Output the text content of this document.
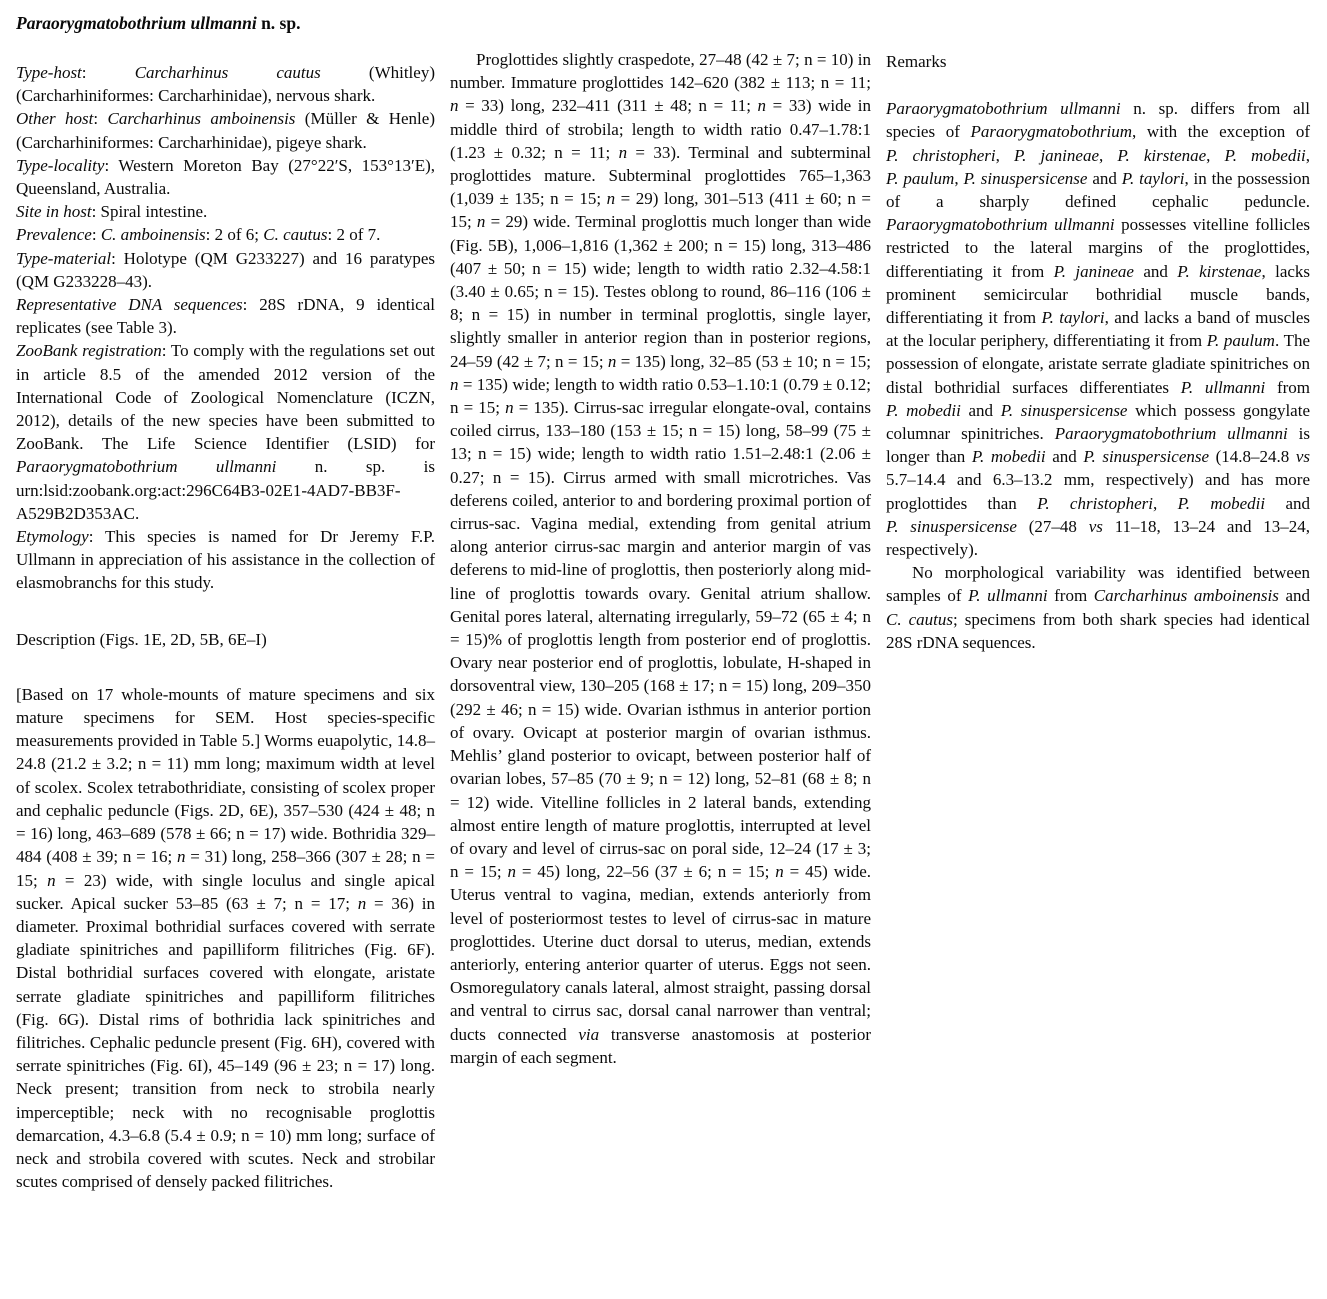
Paraorygmatobothrium ullmanni n. sp.

Type-host: Carcharhinus cautus (Whitley) (Carcharhiniformes: Carcharhinidae), nervous shark.

Other host: Carcharhinus amboinensis (Müller & Henle) (Carcharhiniformes: Carcharhinidae), pigeye shark.

Type-locality: Western Moreton Bay (27°22′S, 153°13′E), Queensland, Australia.

Site in host: Spiral intestine.

Prevalence: C. amboinensis: 2 of 6; C. cautus: 2 of 7.

Type-material: Holotype (QM G233227) and 16 paratypes (QM G233228–43).

Representative DNA sequences: 28S rDNA, 9 identical replicates (see Table 3).

ZooBank registration: To comply with the regulations set out in article 8.5 of the amended 2012 version of the International Code of Zoological Nomenclature (ICZN, 2012), details of the new species have been submitted to ZooBank. The Life Science Identifier (LSID) for Paraorygmatobothrium ullmanni n. sp. is urn:lsid:zoobank.org:act:296C64B3-02E1-4AD7-BB3F-A529B2D353AC.

Etymology: This species is named for Dr Jeremy F.P. Ullmann in appreciation of his assistance in the collection of elasmobranchs for this study.

Description (Figs. 1E, 2D, 5B, 6E–I)

[Based on 17 whole-mounts of mature specimens and six mature specimens for SEM. Host species-specific measurements provided in Table 5.] Worms euapolytic, 14.8–24.8 (21.2 ± 3.2; n = 11) mm long; maximum width at level of scolex. Scolex tetrabothridiate, consisting of scolex proper and cephalic peduncle (Figs. 2D, 6E), 357–530 (424 ± 48; n = 16) long, 463–689 (578 ± 66; n = 17) wide. Bothridia 329–484 (408 ± 39; n = 16; n = 31) long, 258–366 (307 ± 28; n = 15; n = 23) wide, with single loculus and single apical sucker. Apical sucker 53–85 (63 ± 7; n = 17; n = 36) in diameter. Proximal bothridial surfaces covered with serrate gladiate spinitriches and papilliform filitriches (Fig. 6F). Distal bothridial surfaces covered with elongate, aristate serrate gladiate spinitriches and papilliform filitriches (Fig. 6G). Distal rims of bothridia lack spinitriches and filitriches. Cephalic peduncle present (Fig. 6H), covered with serrate spinitriches (Fig. 6I), 45–149 (96 ± 23; n = 17) long. Neck present; transition from neck to strobila nearly imperceptible; neck with no recognisable proglottis demarcation, 4.3–6.8 (5.4 ± 0.9; n = 10) mm long; surface of neck and strobila covered with scutes. Neck and strobilar scutes comprised of densely packed filitriches.

Proglottides slightly craspedote, 27–48 (42 ± 7; n = 10) in number. Immature proglottides 142–620 (382 ± 113; n = 11; n = 33) long, 232–411 (311 ± 48; n = 11; n = 33) wide in middle third of strobila; length to width ratio 0.47–1.78:1 (1.23 ± 0.32; n = 11; n = 33). Terminal and subterminal proglottides mature. Subterminal proglottides 765–1,363 (1,039 ± 135; n = 15; n = 29) long, 301–513 (411 ± 60; n = 15; n = 29) wide. Terminal proglottis much longer than wide (Fig. 5B), 1,006–1,816 (1,362 ± 200; n = 15) long, 313–486 (407 ± 50; n = 15) wide; length to width ratio 2.32–4.58:1 (3.40 ± 0.65; n = 15). Testes oblong to round, 86–116 (106 ± 8; n = 15) in number in terminal proglottis, single layer, slightly smaller in anterior region than in posterior regions, 24–59 (42 ± 7; n = 15; n = 135) long, 32–85 (53 ± 10; n = 15; n = 135) wide; length to width ratio 0.53–1.10:1 (0.79 ± 0.12; n = 15; n = 135). Cirrus-sac irregular elongate-oval, contains coiled cirrus, 133–180 (153 ± 15; n = 15) long, 58–99 (75 ± 13; n = 15) wide; length to width ratio 1.51–2.48:1 (2.06 ± 0.27; n = 15). Cirrus armed with small microtriches. Vas deferens coiled, anterior to and bordering proximal portion of cirrus-sac. Vagina medial, extending from genital atrium along anterior cirrus-sac margin and anterior margin of vas deferens to mid-line of proglottis, then posteriorly along mid-line of proglottis towards ovary. Genital atrium shallow. Genital pores lateral, alternating irregularly, 59–72 (65 ± 4; n = 15)% of proglottis length from posterior end of proglottis. Ovary near posterior end of proglottis, lobulate, H-shaped in dorsoventral view, 130–205 (168 ± 17; n = 15) long, 209–350 (292 ± 46; n = 15) wide. Ovarian isthmus in anterior portion of ovary. Ovicapt at posterior margin of ovarian isthmus. Mehlis’ gland posterior to ovicapt, between posterior half of ovarian lobes, 57–85 (70 ± 9; n = 12) long, 52–81 (68 ± 8; n = 12) wide. Vitelline follicles in 2 lateral bands, extending almost entire length of mature proglottis, interrupted at level of ovary and level of cirrus-sac on poral side, 12–24 (17 ± 3; n = 15; n = 45) long, 22–56 (37 ± 6; n = 15; n = 45) wide. Uterus ventral to vagina, median, extends anteriorly from level of posteriormost testes to level of cirrus-sac in mature proglottides. Uterine duct dorsal to uterus, median, extends anteriorly, entering anterior quarter of uterus. Eggs not seen. Osmoregulatory canals lateral, almost straight, passing dorsal and ventral to cirrus sac, dorsal canal narrower than ventral; ducts connected via transverse anastomosis at posterior margin of each segment.

Remarks

Paraorygmatobothrium ullmanni n. sp. differs from all species of Paraorygmatobothrium, with the exception of P. christopheri, P. janineae, P. kirstenae, P. mobedii, P. paulum, P. sinuspersicense and P. taylori, in the possession of a sharply defined cephalic peduncle. Paraorygmatobothrium ullmanni possesses vitelline follicles restricted to the lateral margins of the proglottides, differentiating it from P. janineae and P. kirstenae, lacks prominent semicircular bothridial muscle bands, differentiating it from P. taylori, and lacks a band of muscles at the locular periphery, differentiating it from P. paulum. The possession of elongate, aristate serrate gladiate spinitriches on distal bothridial surfaces differentiates P. ullmanni from P. mobedii and P. sinuspersicense which possess gongylate columnar spinitriches. Paraorygmatobothrium ullmanni is longer than P. mobedii and P. sinuspersicense (14.8–24.8 vs 5.7–14.4 and 6.3–13.2 mm, respectively) and has more proglottides than P. christopheri, P. mobedii and P. sinuspersicense (27–48 vs 11–18, 13–24 and 13–24, respectively).

No morphological variability was identified between samples of P. ullmanni from Carcharhinus amboinensis and C. cautus; specimens from both shark species had identical 28S rDNA sequences.
